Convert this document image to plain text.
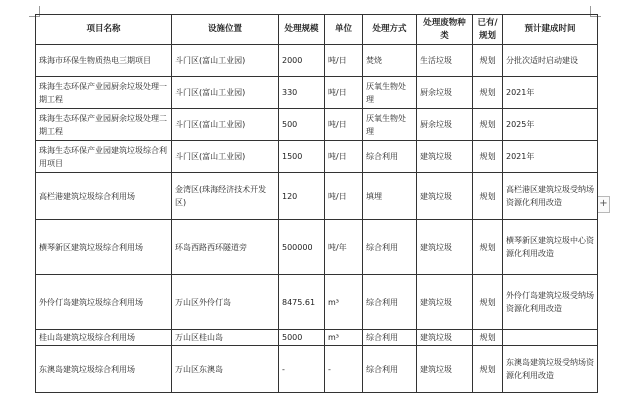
+
项目名称	设施位置	处理规模	单位	处理方式	处理废物种类	已有/规划	预计建成时间
珠海市环保生物质热电三期项目	斗门区(富山工业园)	2000	吨/日	焚烧	生活垃圾	规划	分批次适时启动建设
珠海生态环保产业园厨余垃圾处理一期工程	斗门区(富山工业园)	330	吨/日	厌氧生物处理	厨余垃圾	规划	2021年
珠海生态环保产业园厨余垃圾处理二期工程	斗门区(富山工业园)	500	吨/日	厌氧生物处理	厨余垃圾	规划	2025年
珠海生态环保产业园建筑垃圾综合利用项目	斗门区(富山工业园)	1500	吨/日	综合利用	建筑垃圾	规划	2021年
高栏港建筑垃圾综合利用场	金湾区(珠海经济技术开发区)	120	吨/日	填埋	建筑垃圾	规划	高栏港区建筑垃圾受纳场资源化利用改造
横琴新区建筑垃圾综合利用场	环岛西路西环隧道旁	500000	吨/年	综合利用	建筑垃圾	规划	横琴新区建筑垃圾中心资源化利用改造
外伶仃岛建筑垃圾综合利用场	万山区外伶仃岛	8475.61	m³	综合利用	建筑垃圾	规划	外伶仃岛建筑垃圾受纳场资源化利用改造
桂山岛建筑垃圾综合利用场	万山区桂山岛	5000	m³	综合利用	建筑垃圾	规划	
东澳岛建筑垃圾综合利用场	万山区东澳岛	-	-	综合利用	建筑垃圾	规划	东澳岛建筑垃圾受纳场资源化利用改造
